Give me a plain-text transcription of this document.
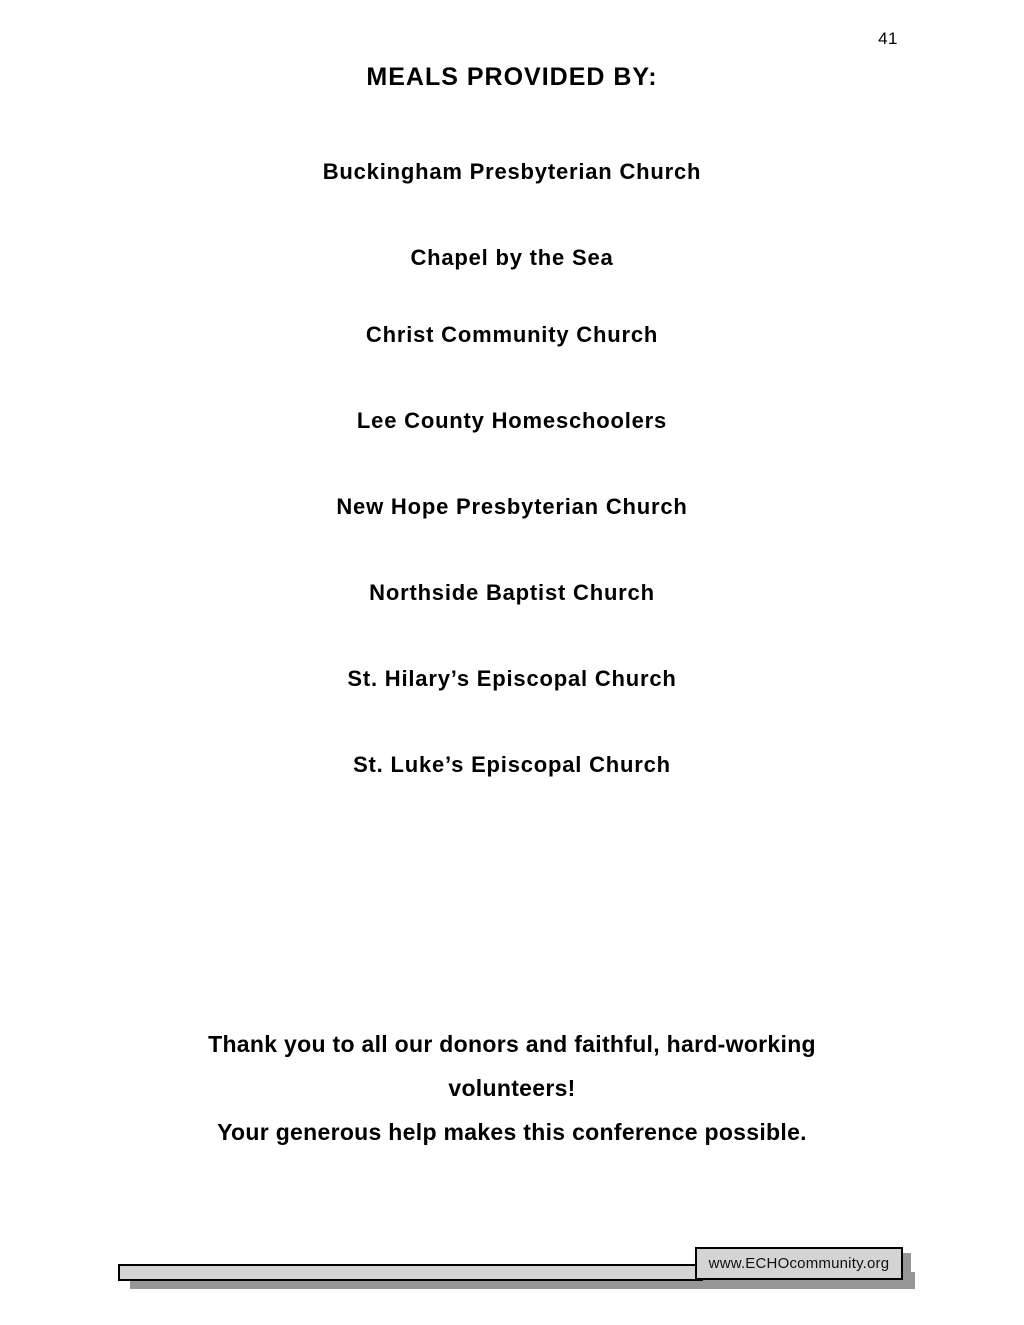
41
MEALS PROVIDED BY:
Buckingham Presbyterian Church
Chapel by the Sea
Christ Community Church
Lee County Homeschoolers
New Hope Presbyterian Church
Northside Baptist Church
St. Hilary’s Episcopal Church
St. Luke’s Episcopal Church
Thank you to all our donors and faithful, hard-working
volunteers!
Your generous help makes this conference possible.
www.ECHOcommunity.org
